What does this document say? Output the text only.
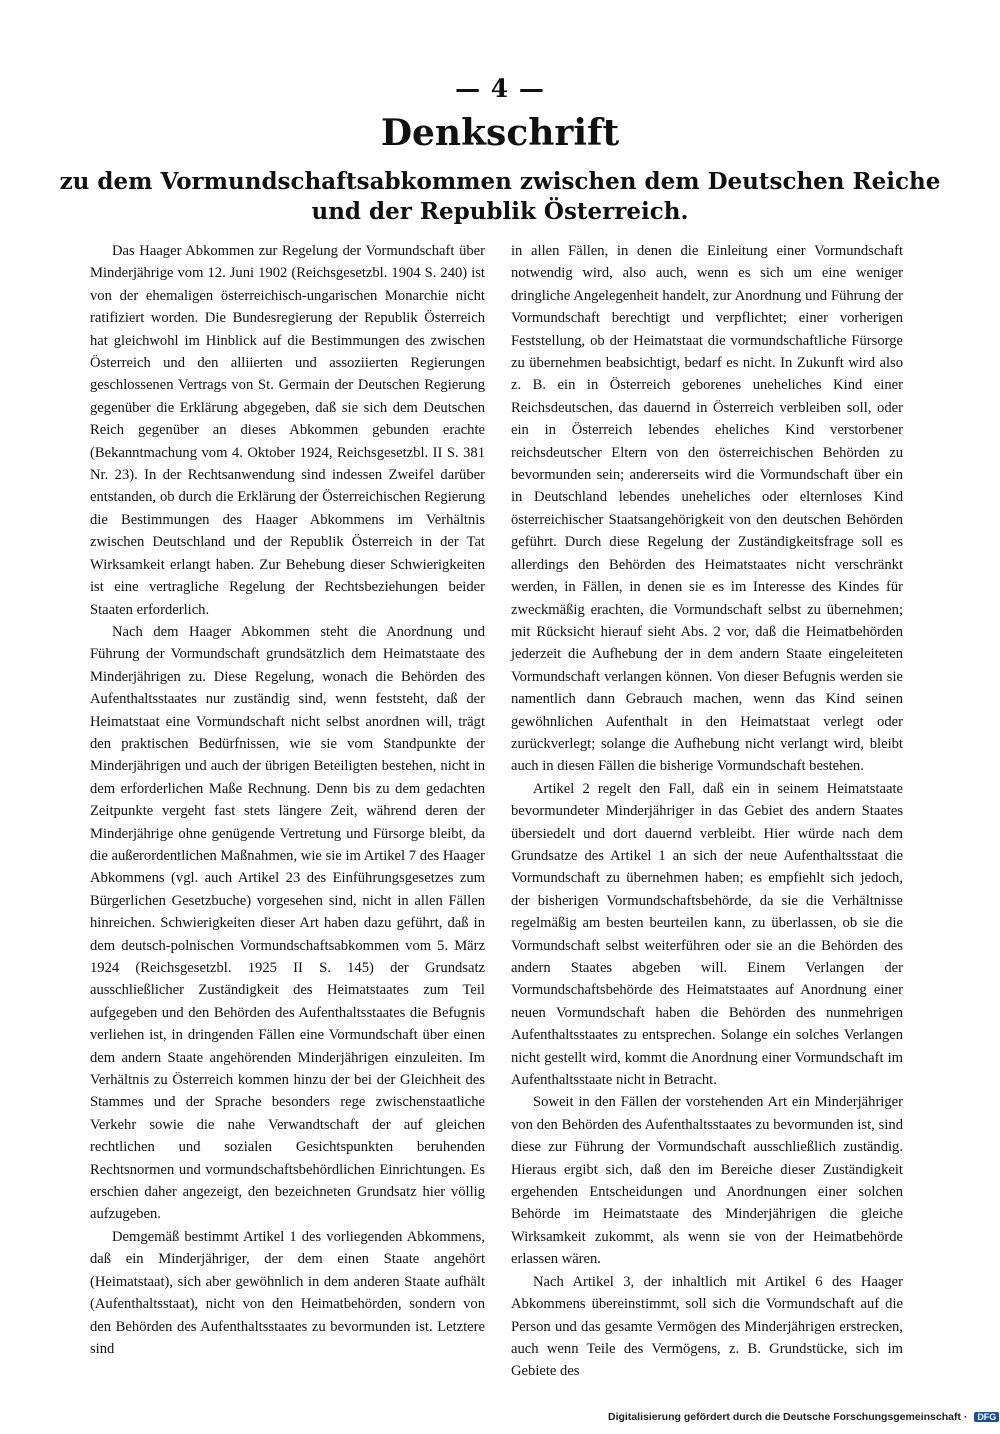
— 4 —
Denkschrift
zu dem Vormundschaftsabkommen zwischen dem Deutschen Reiche
und der Republik Österreich.

Das Haager Abkommen zur Regelung der Vormundschaft über Minderjährige vom 12. Juni 1902 (Reichsgesetzbl. 1904 S. 240) ist von der ehemaligen österreichisch-ungarischen Monarchie nicht ratifiziert worden. Die Bundesregierung der Republik Österreich hat gleichwohl im Hinblick auf die Bestimmungen des zwischen Österreich und den alliierten und assoziierten Regierungen geschlossenen Vertrags von St. Germain der Deutschen Regierung gegenüber die Erklärung abgegeben, daß sie sich dem Deutschen Reich gegenüber an dieses Abkommen gebunden erachte (Bekanntmachung vom 4. Oktober 1924, Reichsgesetzbl. II S. 381 Nr. 23). In der Rechtsanwendung sind indessen Zweifel darüber entstanden, ob durch die Erklärung der Österreichischen Regierung die Bestimmungen des Haager Abkommens im Verhältnis zwischen Deutschland und der Republik Österreich in der Tat Wirksamkeit erlangt haben. Zur Behebung dieser Schwierigkeiten ist eine vertragliche Regelung der Rechtsbeziehungen beider Staaten erforderlich.

Nach dem Haager Abkommen steht die Anordnung und Führung der Vormundschaft grundsätzlich dem Heimatstaate des Minderjährigen zu. Diese Regelung, wonach die Behörden des Aufenthaltsstaates nur zuständig sind, wenn feststeht, daß der Heimatstaat eine Vormundschaft nicht selbst anordnen will, trägt den praktischen Bedürfnissen, wie sie vom Standpunkte der Minderjährigen und auch der übrigen Beteiligten bestehen, nicht in dem erforderlichen Maße Rechnung. Denn bis zu dem gedachten Zeitpunkte vergeht fast stets längere Zeit, während deren der Minderjährige ohne genügende Vertretung und Fürsorge bleibt, da die außerordentlichen Maßnahmen, wie sie im Artikel 7 des Haager Abkommens (vgl. auch Artikel 23 des Einführungsgesetzes zum Bürgerlichen Gesetzbuche) vorgesehen sind, nicht in allen Fällen hinreichen. Schwierigkeiten dieser Art haben dazu geführt, daß in dem deutsch-polnischen Vormundschaftsabkommen vom 5. März 1924 (Reichsgesetzbl. 1925 II S. 145) der Grundsatz ausschließlicher Zuständigkeit des Heimatstaates zum Teil aufgegeben und den Behörden des Aufenthaltsstaates die Befugnis verliehen ist, in dringenden Fällen eine Vormundschaft über einen dem andern Staate angehörenden Minderjährigen einzuleiten. Im Verhältnis zu Österreich kommen hinzu der bei der Gleichheit des Stammes und der Sprache besonders rege zwischenstaatliche Verkehr sowie die nahe Verwandtschaft der auf gleichen rechtlichen und sozialen Gesichtspunkten beruhenden Rechtsnormen und vormundschaftsbehördlichen Einrichtungen. Es erschien daher angezeigt, den bezeichneten Grundsatz hier völlig aufzugeben.

Demgemäß bestimmt Artikel 1 des vorliegenden Abkommens, daß ein Minderjähriger, der dem einen Staate angehört (Heimatstaat), sich aber gewöhnlich in dem anderen Staate aufhält (Aufenthaltsstaat), nicht von den Heimatbehörden, sondern von den Behörden des Aufenthaltsstaates zu bevormunden ist. Letztere sind

in allen Fällen, in denen die Einleitung einer Vormundschaft notwendig wird, also auch, wenn es sich um eine weniger dringliche Angelegenheit handelt, zur Anordnung und Führung der Vormundschaft berechtigt und verpflichtet; einer vorherigen Feststellung, ob der Heimatstaat die vormundschaftliche Fürsorge zu übernehmen beabsichtigt, bedarf es nicht. In Zukunft wird also z. B. ein in Österreich geborenes uneheliches Kind einer Reichsdeutschen, das dauernd in Österreich verbleiben soll, oder ein in Österreich lebendes eheliches Kind verstorbener reichsdeutscher Eltern von den österreichischen Behörden zu bevormunden sein; andererseits wird die Vormundschaft über ein in Deutschland lebendes uneheliches oder elternloses Kind österreichischer Staatsangehörigkeit von den deutschen Behörden geführt. Durch diese Regelung der Zuständigkeitsfrage soll es allerdings den Behörden des Heimatstaates nicht verschränkt werden, in Fällen, in denen sie es im Interesse des Kindes für zweckmäßig erachten, die Vormundschaft selbst zu übernehmen; mit Rücksicht hierauf sieht Abs. 2 vor, daß die Heimatbehörden jederzeit die Aufhebung der in dem andern Staate eingeleiteten Vormundschaft verlangen können. Von dieser Befugnis werden sie namentlich dann Gebrauch machen, wenn das Kind seinen gewöhnlichen Aufenthalt in den Heimatstaat verlegt oder zurückverlegt; solange die Aufhebung nicht verlangt wird, bleibt auch in diesen Fällen die bisherige Vormundschaft bestehen.

Artikel 2 regelt den Fall, daß ein in seinem Heimatstaate bevormundeter Minderjähriger in das Gebiet des andern Staates übersiedelt und dort dauernd verbleibt. Hier würde nach dem Grundsatze des Artikel 1 an sich der neue Aufenthaltsstaat die Vormundschaft zu übernehmen haben; es empfiehlt sich jedoch, der bisherigen Vormundschaftsbehörde, da sie die Verhältnisse regelmäßig am besten beurteilen kann, zu überlassen, ob sie die Vormundschaft selbst weiterführen oder sie an die Behörden des andern Staates abgeben will. Einem Verlangen der Vormundschaftsbehörde des Heimatstaates auf Anordnung einer neuen Vormundschaft haben die Behörden des nunmehrigen Aufenthaltsstaates zu entsprechen. Solange ein solches Verlangen nicht gestellt wird, kommt die Anordnung einer Vormundschaft im Aufenthaltsstaate nicht in Betracht.

Soweit in den Fällen der vorstehenden Art ein Minderjähriger von den Behörden des Aufenthaltsstaates zu bevormunden ist, sind diese zur Führung der Vormundschaft ausschließlich zuständig. Hieraus ergibt sich, daß den im Bereiche dieser Zuständigkeit ergehenden Entscheidungen und Anordnungen einer solchen Behörde im Heimatstaate des Minderjährigen die gleiche Wirksamkeit zukommt, als wenn sie von der Heimatbehörde erlassen wären.

Nach Artikel 3, der inhaltlich mit Artikel 6 des Haager Abkommens übereinstimmt, soll sich die Vormundschaft auf die Person und das gesamte Vermögen des Minderjährigen erstrecken, auch wenn Teile des Vermögens, z. B. Grundstücke, sich im Gebiete des

Digitalisierung gefördert durch die Deutsche Forschungsgemeinschaft · DFG
